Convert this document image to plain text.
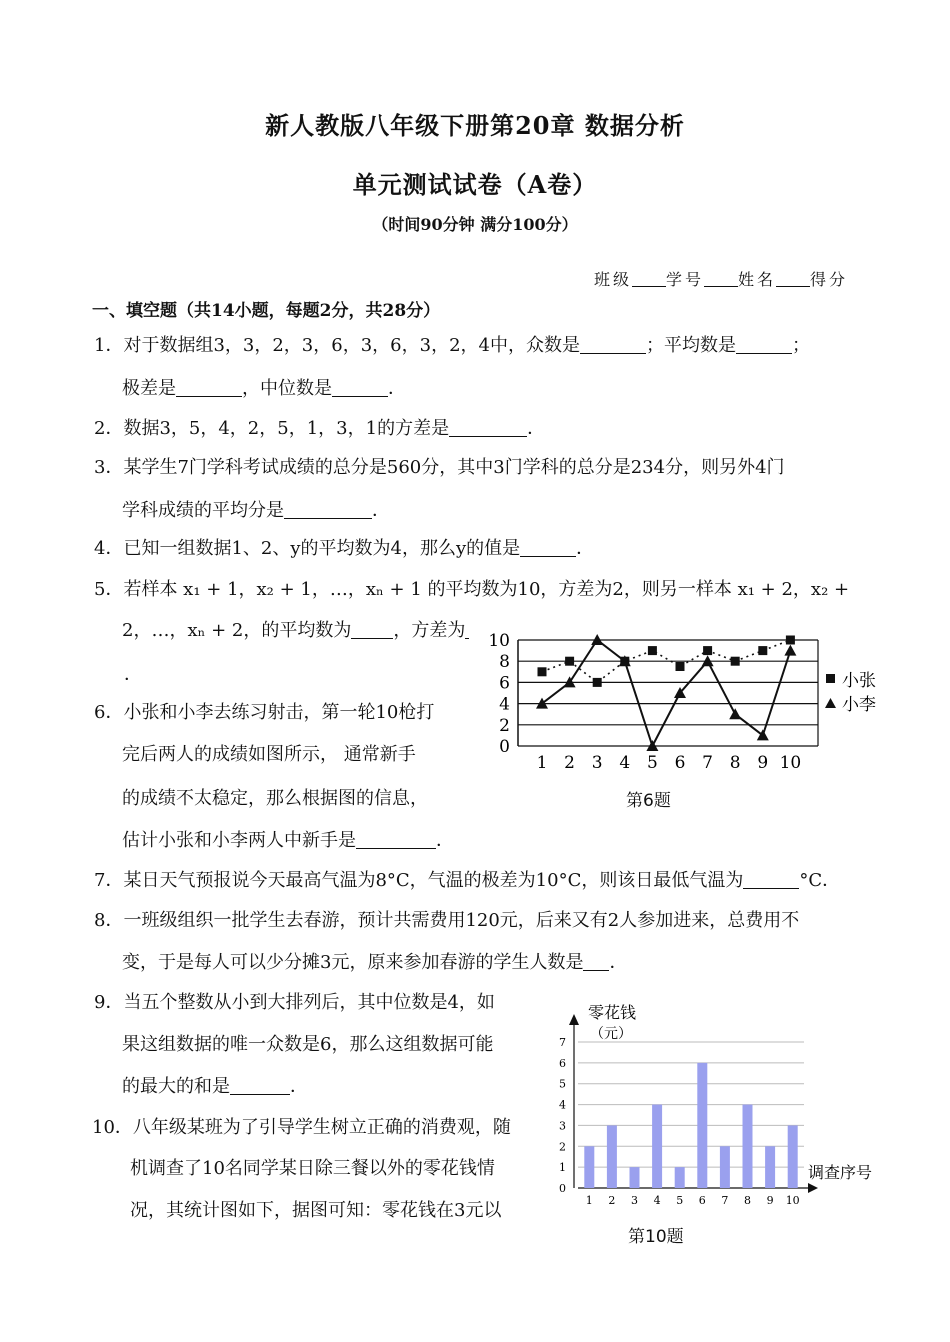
新人教版八年级下册第20章 数据分析
单元测试试卷（A卷）
（时间90分钟 满分100分）
班级 学号 姓名 得分
一、填空题（共14小题，每题2分，共28分）
1．对于数据组3，3，2，3，6，3，6，3，2，4中，众数是	；平均数是	；
极差是	，中位数是	．
2．数据3，5，4，2，5，1，3，1的方差是	．
3．某学生7门学科考试成绩的总分是560分，其中3门学科的总分是234分，则另外4门
学科成绩的平均分是	．
4．已知一组数据1、2、y的平均数为4，那么y的值是	．
5．若样本 x₁ + 1，x₂ + 1，…，xₙ + 1 的平均数为10，方差为2，则另一样本 x₁ + 2，x₂ +
2，…，xₙ + 2，的平均数为 ，方差为
．
6．小张和小李去练习射击，第一轮10枪打
完后两人的成绩如图所示， 通常新手
的成绩不太稳定，那么根据图的信息，
估计小张和小李两人中新手是	．
7．某日天气预报说今天最高气温为8°C，气温的极差为10°C，则该日最低气温为	°C．
8．一班级组织一批学生去春游，预计共需费用120元，后来又有2人参加进来，总费用不
变，于是每人可以少分摊3元，原来参加春游的学生人数是 ．
9．当五个整数从小到大排列后，其中位数是4，如
果这组数据的唯一众数是6，那么这组数据可能
的最大的和是	．
10．八年级某班为了引导学生树立正确的消费观，随
机调查了10名同学某日除三餐以外的零花钱情
况，其统计图如下，据图可知：零花钱在3元以
0
2
4
6
8
10
1 2 3 4 5 6 7 8 9 10
小张
小李
第6题
0
1
2
3
4
5
6
7
1 2 3 4 5 6 7 8 9 10
零花钱
（元）
调查序号
第10题
